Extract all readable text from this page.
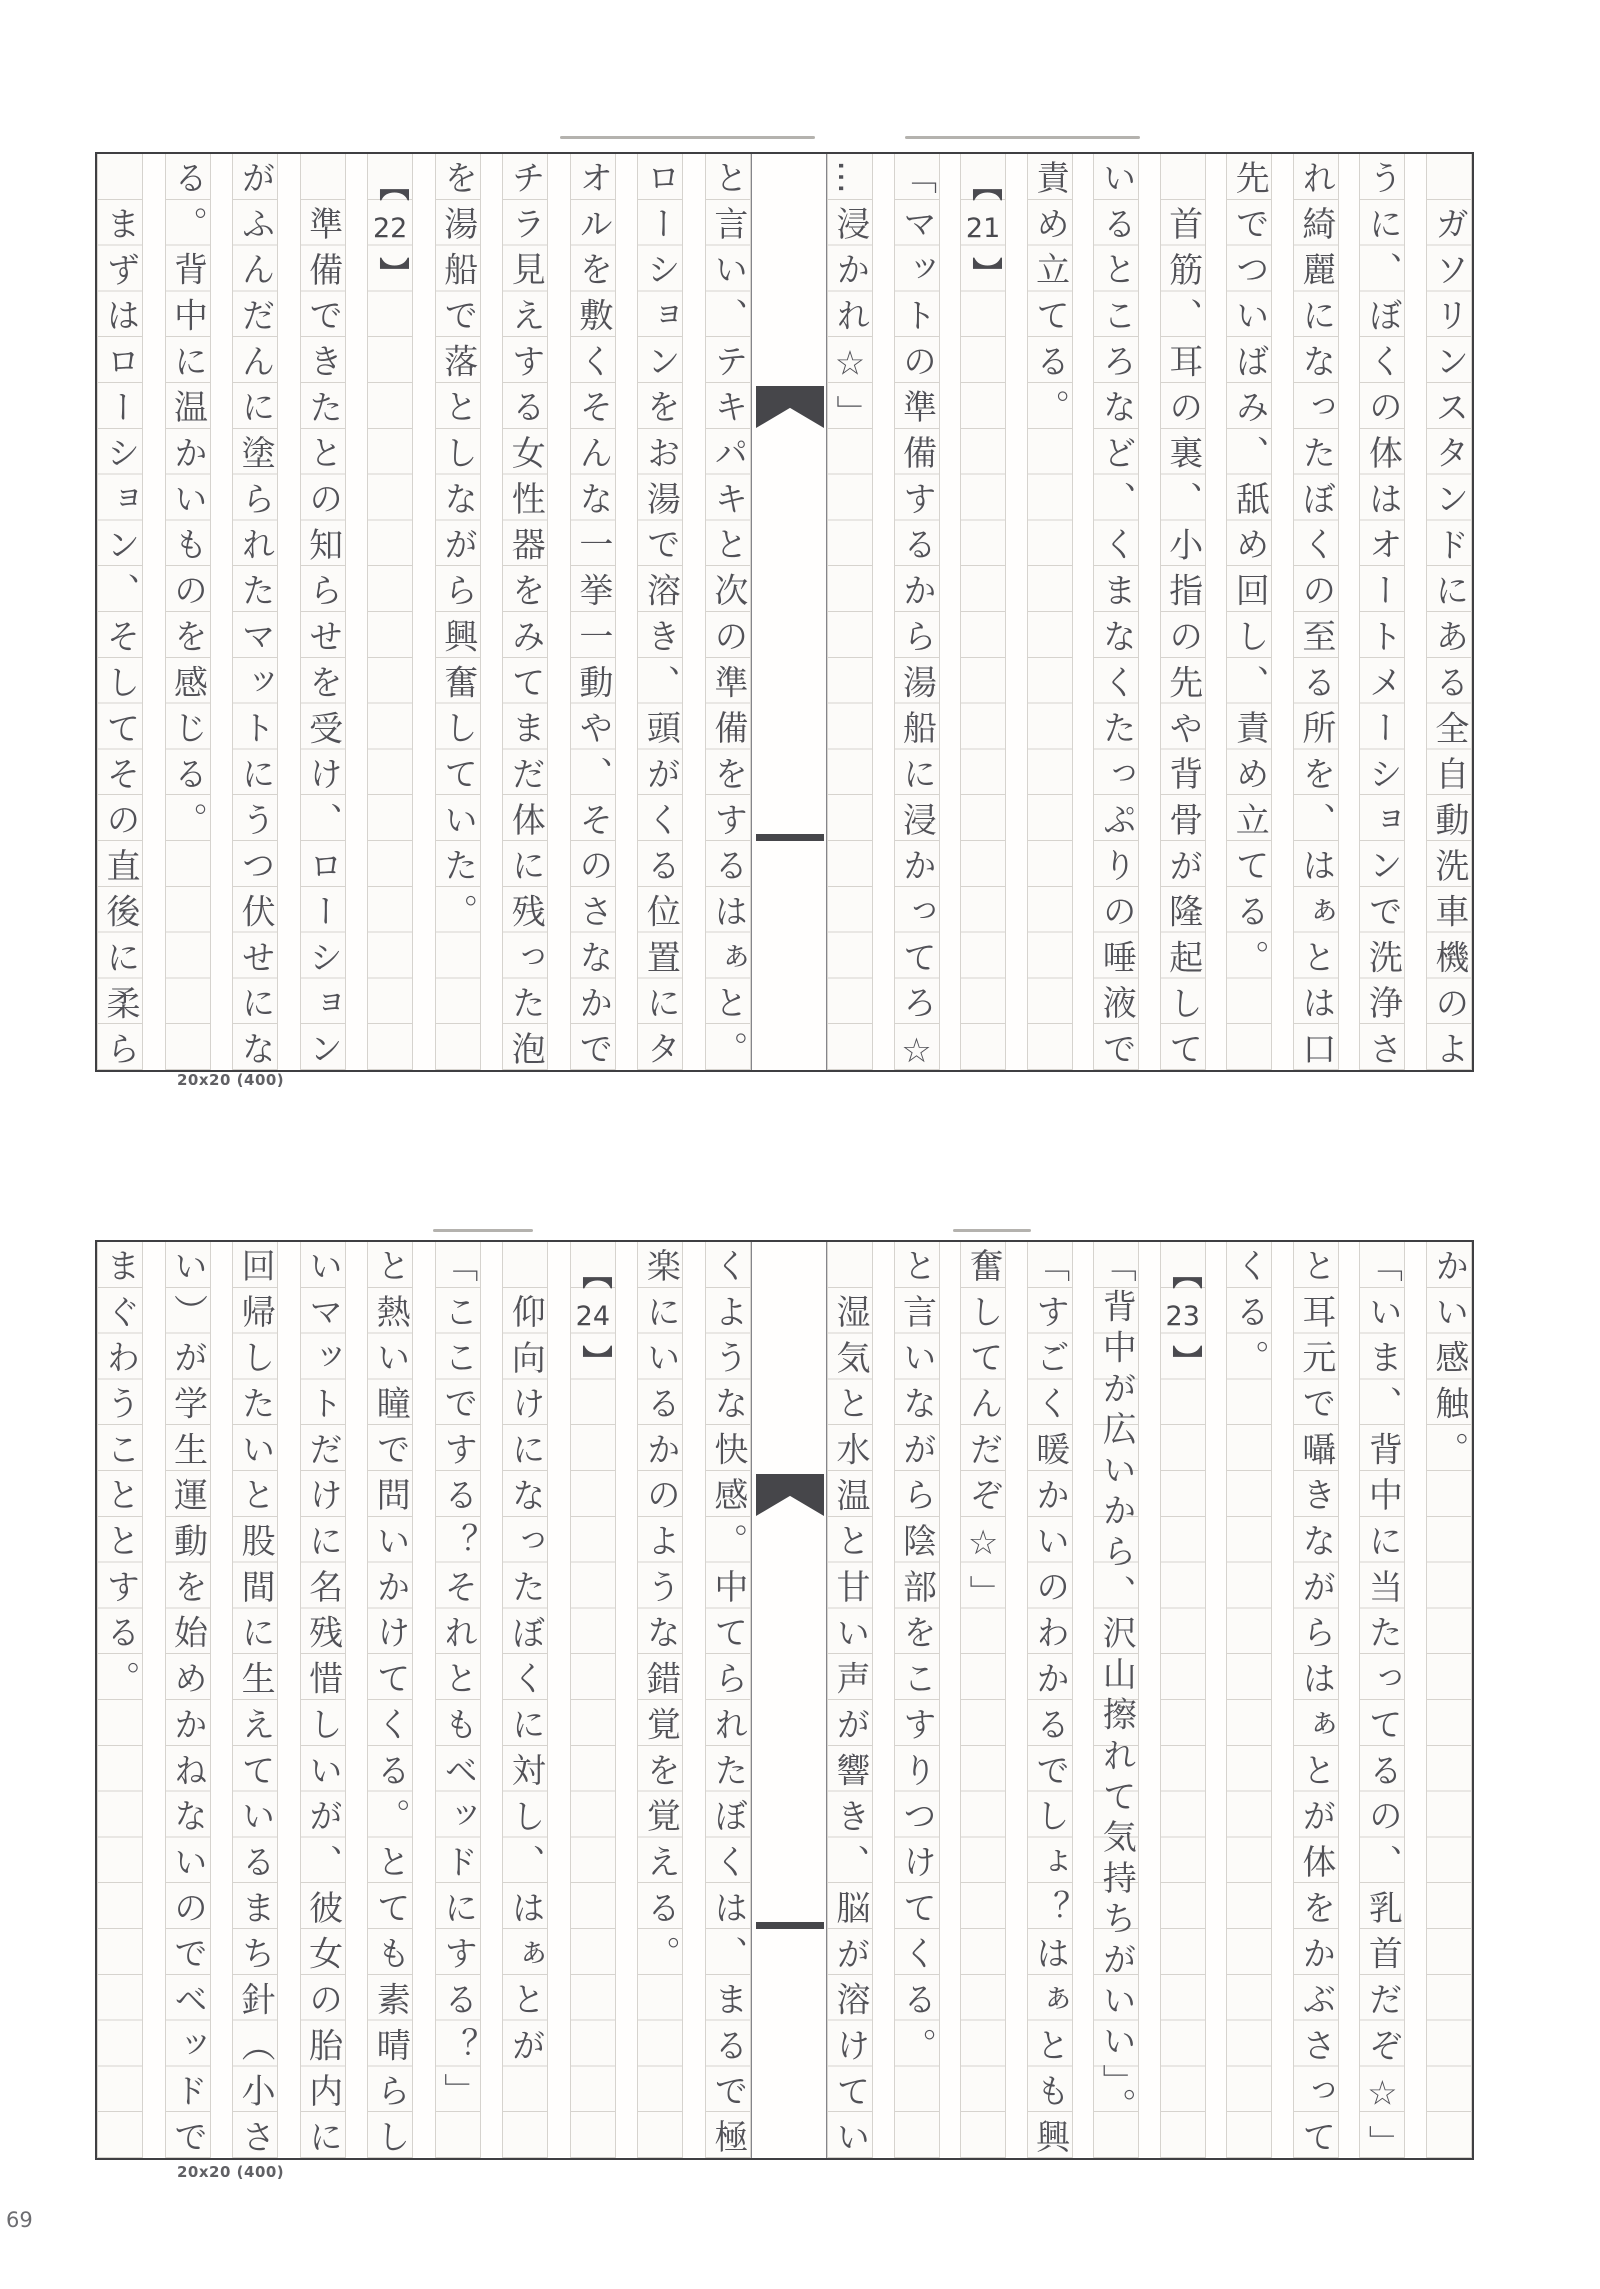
ガソリンスタンドにある全自動洗車機のよ
うに、ぼくの体はオートメーションで洗浄さ
れ綺麗になったぼくの至る所を、はぁとは口
先でついばみ、舐め回し、責め立てる。
首筋、耳の裏、小指の先や背骨が隆起して
いるところなど、くまなくたっぷりの唾液で
責め立てる。
【
21
】
「マットの準備するから湯船に浸かってろ☆
…浸かれ☆」
と言い、テキパキと次の準備をするはぁと。
ローションをお湯で溶き、頭がくる位置にタ
オルを敷くそんな一挙一動や、そのさなかで
チラ見えする女性器をみてまだ体に残った泡
を湯船で落としながら興奮していた。
【
22
】
準備できたとの知らせを受け、ローション
がふんだんに塗られたマットにうつ伏せにな
る。背中に温かいものを感じる。
まずはローション、そしてその直後に柔ら
かい感触。
「いま、背中に当たってるの、乳首だぞ☆」
と耳元で囁きながらはぁとが体をかぶさって
くる。
【
23
】
「背中が広いから、沢山擦れて気持ちがいい」。
「すごく暖かいのわかるでしょ？はぁとも興
奮してんだぞ☆」
と言いながら陰部をこすりつけてくる。
湿気と水温と甘い声が響き、脳が溶けてい
くような快感。中てられたぼくは、まるで極
楽にいるかのような錯覚を覚える。
【
24
】
仰向けになったぼくに対し、はぁとが
「ここでする？それともベッドにする？」
と熱い瞳で問いかけてくる。とても素晴らし
いマットだけに名残惜しいが、彼女の胎内に
回帰したいと股間に生えているまち針（小さ
い）が学生運動を始めかねないのでベッドで
まぐわうこととする。
20x20 (400)
20x20 (400)
69
